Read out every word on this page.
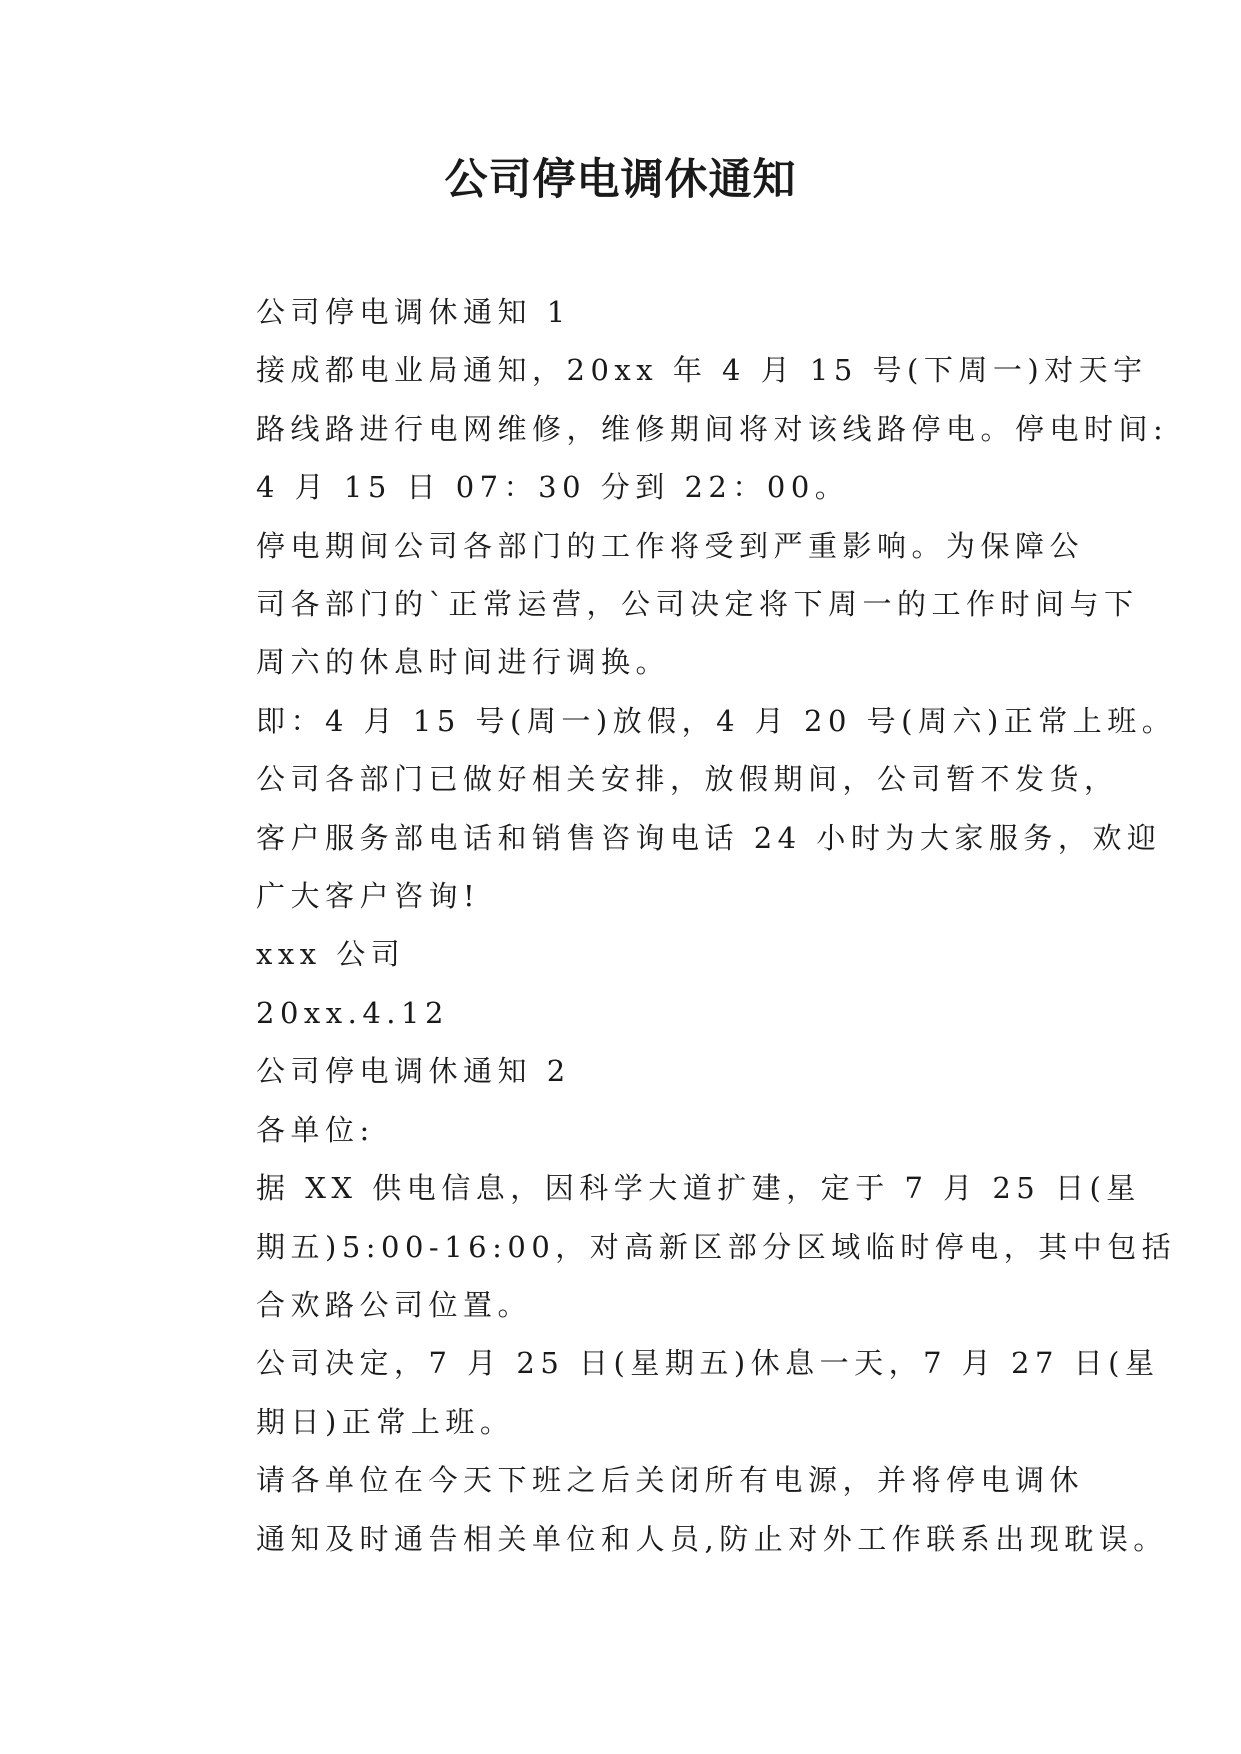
公司停电调休通知
公司停电调休通知 1
接成都电业局通知，20xx 年 4 月 15 号(下周一)对天宇
路线路进行电网维修，维修期间将对该线路停电。停电时间:
4 月 15 日 07：30 分到 22：00。
停电期间公司各部门的工作将受到严重影响。为保障公
司各部门的`正常运营，公司决定将下周一的工作时间与下
周六的休息时间进行调换。
即：4 月 15 号(周一)放假，4 月 20 号(周六)正常上班。
公司各部门已做好相关安排，放假期间，公司暂不发货，
客户服务部电话和销售咨询电话 24 小时为大家服务，欢迎
广大客户咨询!
xxx 公司
20xx.4.12
公司停电调休通知 2
各单位:
据 XX 供电信息，因科学大道扩建，定于 7 月 25 日(星
期五)5:00-16:00，对高新区部分区域临时停电，其中包括
合欢路公司位置。
公司决定，7 月 25 日(星期五)休息一天，7 月 27 日(星
期日)正常上班。
请各单位在今天下班之后关闭所有电源，并将停电调休
通知及时通告相关单位和人员,防止对外工作联系出现耽误。
